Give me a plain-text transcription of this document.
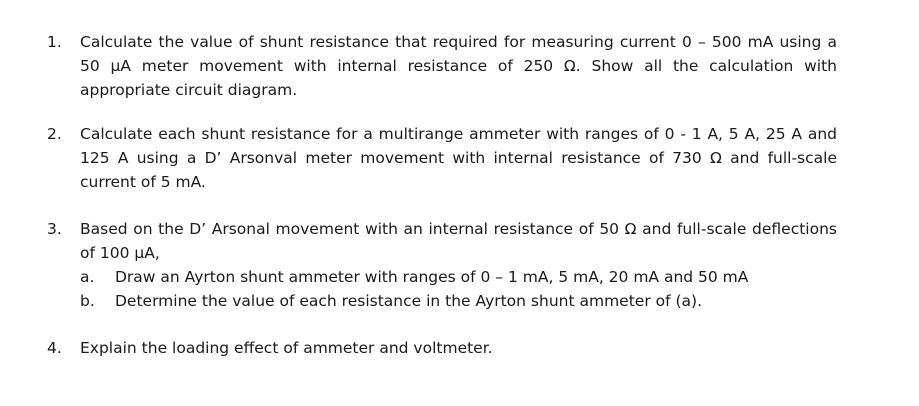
1. Calculate the value of shunt resistance that required for measuring current 0 – 500 mA using a 50 μA meter movement with internal resistance of 250 Ω. Show all the calculation with appropriate circuit diagram.
2. Calculate each shunt resistance for a multirange ammeter with ranges of 0 - 1 A, 5 A, 25 A and 125 A using a D’ Arsonval meter movement with internal resistance of 730 Ω and full-scale current of 5 mA.
3. Based on the D’ Arsonal movement with an internal resistance of 50 Ω and full-scale deflections of 100 μA,
a. Draw an Ayrton shunt ammeter with ranges of 0 – 1 mA, 5 mA, 20 mA and 50 mA
b. Determine the value of each resistance in the Ayrton shunt ammeter of (a).
4. Explain the loading effect of ammeter and voltmeter.
